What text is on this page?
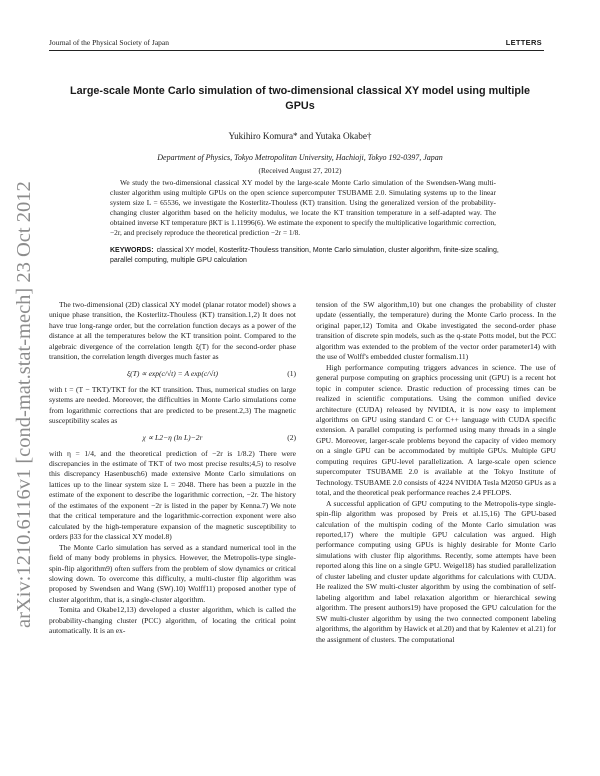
Journal of the Physical Society of Japan	LETTERS
Large-scale Monte Carlo simulation of two-dimensional classical XY model using multiple GPUs
Yukihiro Komura* and Yutaka Okabe†
Department of Physics, Tokyo Metropolitan University, Hachioji, Tokyo 192-0397, Japan
(Received August 27, 2012)
We study the two-dimensional classical XY model by the large-scale Monte Carlo simulation of the Swendsen-Wang multi-cluster algorithm using multiple GPUs on the open science supercomputer TSUBAME 2.0. Simulating systems up to the linear system size L = 65536, we investigate the Kosterlitz-Thouless (KT) transition. Using the generalized version of the probability-changing cluster algorithm based on the helicity modulus, we locate the KT transition temperature in a self-adapted way. The obtained inverse KT temperature βKT is 1.11996(6). We estimate the exponent to specify the multiplicative logarithmic correction, −2r, and precisely reproduce the theoretical prediction −2r = 1/8.
KEYWORDS: classical XY model, Kosterlitz-Thouless transition, Monte Carlo simulation, cluster algorithm, finite-size scaling, parallel computing, multiple GPU calculation
arXiv:1210.6116v1 [cond-mat.stat-mech] 23 Oct 2012	The two-dimensional (2D) classical XY model (planar rotator model) shows a unique phase transition, the Kosterlitz-Thouless (KT) transition.1,2) It does not have true long-range order, but the correlation function decays as a power of the distance at all the temperatures below the KT transition point. Compared to the algebraic divergence of the correlation length ξ(T) for the second-order phase transition, the correlation length diverges much faster as

ξ(T) ∝ exp(c/√t) = A exp(c/√t)	(1)

with t = (T − TKT)/TKT for the KT transition. Thus, numerical studies on large systems are needed. Moreover, the difficulties in Monte Carlo simulations come from logarithmic corrections that are predicted to be present.2,3) The magnetic susceptibility scales as

χ ∝ L2−η (ln L)−2r	(2)

with η = 1/4, and the theoretical prediction of −2r is 1/8.2) There were discrepancies in the estimate of TKT of two most precise results;4,5) to resolve this discrepancy Hasenbusch6) made extensive Monte Carlo simulations on lattices up to the linear system size L = 2048. There has been a puzzle in the estimate of the exponent to describe the logarithmic correction, −2r. The history of the estimates of the exponent −2r is listed in the paper by Kenna.7) We note that the critical temperature and the logarithmic-correction exponent were also calculated by the high-temperature expansion of the magnetic susceptibility to orders β33 for the classical XY model.8)

The Monte Carlo simulation has served as a standard numerical tool in the field of many body problems in physics. However, the Metropolis-type single-spin-flip algorithm9) often suffers from the problem of slow dynamics or critical slowing down. To overcome this difficulty, a multi-cluster flip algorithm was proposed by Swendsen and Wang (SW).10) Wolff11) proposed another type of cluster algorithm, that is, a single-cluster algorithm.

Tomita and Okabe12,13) developed a cluster algorithm, which is called the probability-changing cluster (PCC) algorithm, of locating the critical point automatically. It is an ex-

tension of the SW algorithm,10) but one changes the probability of cluster update (essentially, the temperature) during the Monte Carlo process. In the original paper,12) Tomita and Okabe investigated the second-order phase transition of discrete spin models, such as the q-state Potts model, but the PCC algorithm was extended to the problem of the vector order parameter14) with the use of Wolff's embedded cluster formalism.11)

High performance computing triggers advances in science. The use of general purpose computing on graphics processing unit (GPU) is a recent hot topic in computer science. Drastic reduction of processing times can be realized in scientific computations. Using the common unified device architecture (CUDA) released by NVIDIA, it is now easy to implement algorithms on GPU using standard C or C++ language with CUDA specific extension. A parallel computing is performed using many threads in a single GPU. Moreover, larger-scale problems beyond the capacity of video memory on a single GPU can be accommodated by multiple GPUs. Multiple GPU computing requires GPU-level parallelization. A large-scale open science supercomputer TSUBAME 2.0 is available at the Tokyo Institute of Technology. TSUBAME 2.0 consists of 4224 NVIDIA Tesla M2050 GPUs as a total, and the theoretical peak performance reaches 2.4 PFLOPS.

A successful application of GPU computing to the Metropolis-type single-spin-flip algorithm was proposed by Preis et al.15,16) The GPU-based calculation of the multispin coding of the Monte Carlo simulation was reported,17) where the multiple GPU calculation was argued. High performance computing using GPUs is highly desirable for Monte Carlo simulations with cluster flip algorithms. Recently, some attempts have been reported along this line on a single GPU. Weigel18) has studied parallelization of cluster labeling and cluster update algorithms for calculations with CUDA. He realized the SW multi-cluster algorithm by using the combination of self-labeling algorithm and label relaxation algorithm or hierarchical sewing algorithm. The present authors19) have proposed the GPU calculation for the SW multi-cluster algorithm by using the two connected component labeling algorithms, the algorithm by Hawick et al.20) and that by Kalentev et al.21) for the assignment of clusters. The computational
